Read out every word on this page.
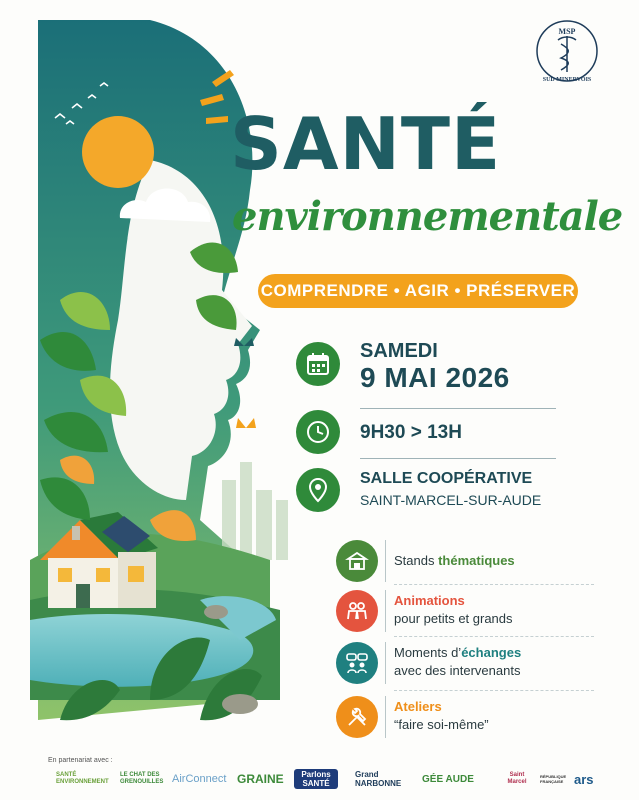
MSP
SUD MINERVOIS
SANTÉ
environnementale
COMPRENDRE • AGIR • PRÉSERVER
SAMEDI
9 MAI 2026
9H30 > 13H
SALLE COOPÉRATIVE
SAINT-MARCEL-SUR-AUDE
Stands thématiques
Animations
pour petits et grands
Moments d’échanges
avec des intervenants
Ateliers
“faire soi-même”
En partenariat avec :
SANTÉ ENVIRONNEMENT
LE CHAT DES GRENOUILLES AirConnect GRAINE	Parlons SANTÉ
Grand NARBONNE	GÉE AUDE	Saint Marcel
RÉPUBLIQUE FRANÇAISE ars
